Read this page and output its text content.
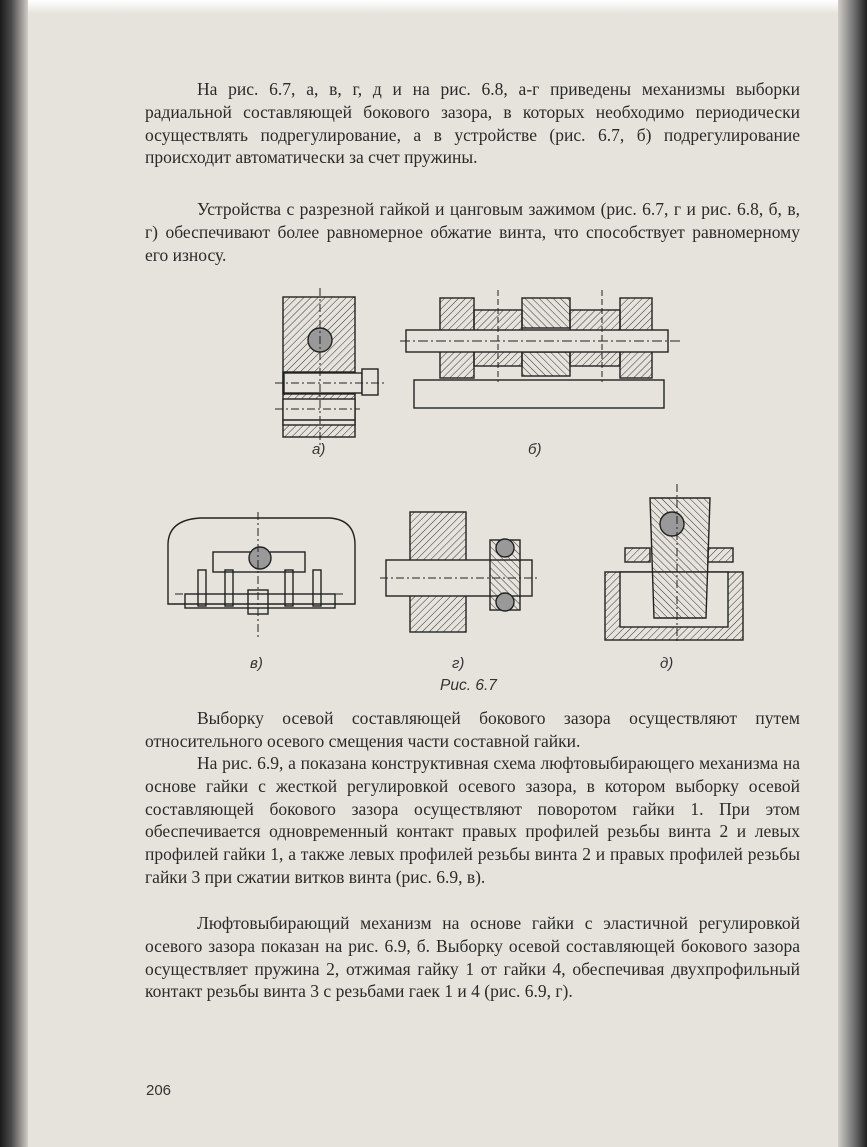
На рис. 6.7, а, в, г, д и на рис. 6.8, а-г приведены механизмы выборки радиальной составляющей бокового зазора, в которых необходимо периодически осуществлять подрегулирование, а в устройстве (рис. 6.7, б) подрегулирование происходит автоматически за счет пружины.

Устройства с разрезной гайкой и цанговым зажимом (рис. 6.7, г и рис. 6.8, б, в, г) обеспечивают более равномерное обжатие винта, что способствует равномерному его износу.

а)	б)
в)	г)	д)
Рис. 6.7

Выборку осевой составляющей бокового зазора осуществляют путем относительного осевого смещения части составной гайки.

На рис. 6.9, а показана конструктивная схема люфтовыбирающего механизма на основе гайки с жесткой регулировкой осевого зазора, в котором выборку осевой составляющей бокового зазора осуществляют поворотом гайки 1. При этом обеспечивается одновременный контакт правых профилей резьбы винта 2 и левых профилей гайки 1, а также левых профилей резьбы винта 2 и правых профилей резьбы гайки 3 при сжатии витков винта (рис. 6.9, в).

Люфтовыбирающий механизм на основе гайки с эластичной регулировкой осевого зазора показан на рис. 6.9, б. Выборку осевой составляющей бокового зазора осуществляет пружина 2, отжимая гайку 1 от гайки 4, обеспечивая двухпрофильный контакт резьбы винта 3 с резьбами гаек 1 и 4 (рис. 6.9, г).

206
